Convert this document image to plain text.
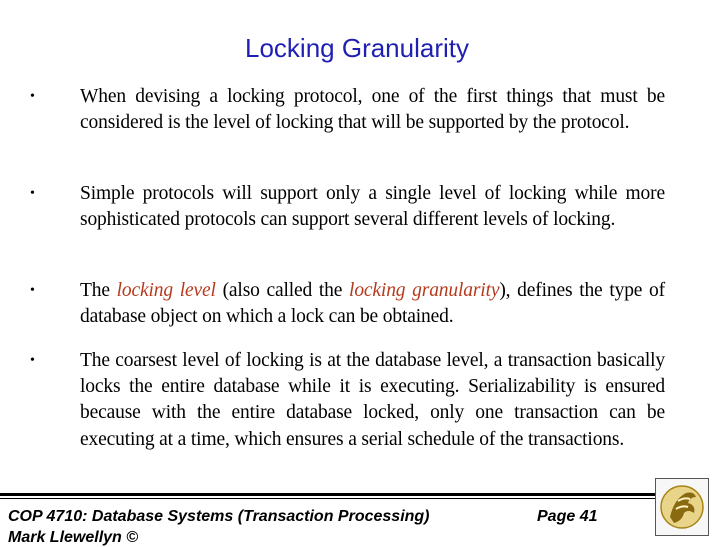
Locking Granularity
• When devising a locking protocol, one of the first things that must be considered is the level of locking that will be supported by the protocol.
• Simple protocols will support only a single level of locking while more sophisticated protocols can support several different levels of locking.
• The locking level (also called the locking granularity), defines the type of database object on which a lock can be obtained.
• The coarsest level of locking is at the database level, a transaction basically locks the entire database while it is executing. Serializability is ensured because with the entire database locked, only one transaction can be executing at a time, which ensures a serial schedule of the transactions.
COP 4710: Database Systems (Transaction Processing)	Page 41
Mark Llewellyn ©
